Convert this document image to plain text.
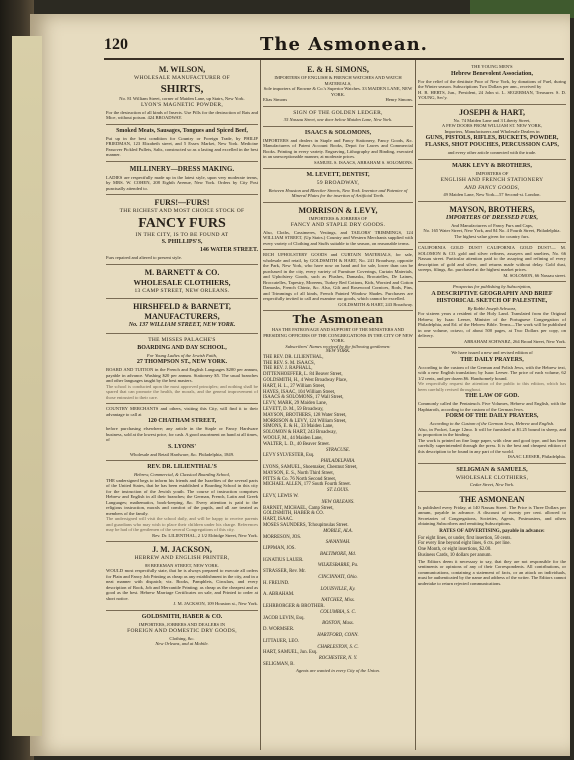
120	The Asmonean.

M. WILSON,

WHOLESALE MANUFACTURER OF

SHIRTS,

No. 81 William Street, corner of Maiden Lane, up Stairs, New York.

LYON'S MAGNETIC POWDER,

For the destruction of all kinds of Insects. Use Pills for the destruction of Rats and Mice, without poison. 424 BROADWAY.

Smoked Meats, Sausages, Tongues and Spiced Beef,

Put up in the best condition for Country or Foreign Trade, by PHILIP FRIEDMAN, 123 Elizabeth street, and 5 Essex Market, New York. Medicine Passover Pickled Pullets, Salts, constructed so as a lasting and excelled in the best manner.

MILLINERY—DRESS MAKING.

LADIES are respectfully made up in the latest style, upon very moderate terms, by MRS. W. COHEN, 208 Eighth Avenue, New York. Orders by City Post punctually attended to.

FURS!—FURS!

THE RICHEST AND MOST CHOICE STOCK OF

FANCY FURS

IN THE CITY, IS TO BE FOUND AT

S. PHILLIPS'S,

146 WATER STREET.

Furs repaired and altered to present style.

M. BARNETT & CO.

WHOLESALE CLOTHIERS,

13 CAMP STREET, NEW ORLEANS.

HIRSHFELD & BARNETT,

MANUFACTURERS,

No. 137 WILLIAM STREET, NEW YORK.

THE MISSES PALACHE'S

BOARDING AND DAY SCHOOL,

For Young Ladies of the Jewish Faith,

27 THOMPSON ST., NEW YORK.

BOARD AND TUITION in the French and English Languages $200 per annum, payable in advance. Washing $20 per annum. Stationery $5. The usual branches and other languages taught by the best masters.

The school is conducted upon the most approved principles; and nothing shall be spared that can promote the health, the morals, and the general improvement of those entrusted to their care.

COUNTRY MERCHANTS and others, visiting this City, will find it to their advantage to call at

120 CHATHAM STREET,

before purchasing elsewhere; any article in the Staple or Fancy Hardware business, sold at the lowest price, for cash. A good assortment on hand at all times, of

S. LYONS'

Wholesale and Retail Hardware, &c. Philadelphia, 1849.

REV. DR. LILIENTHAL'S

Hebrew, Commercial, & Classical Boarding School,

THE undersigned begs to inform his friends and the Israelites of the several parts of the United States, that he has been established a Boarding School in this city for the instruction of the Jewish youth. The course of instruction comprises Hebrew and English in all their branches; the German, French, Latin and Greek Languages; mathematics, book-keeping, &c. Every attention is paid to the religious instruction, morals and comfort of the pupils, and all are treated as members of the family.

The undersigned will visit the school daily, and will be happy to receive parents and guardians who may wish to place their children under his charge. References may be had of the gentlemen of the several Congregations of this city.

Rev. Dr. LILIENTHAL, 2 1/2 Eldridge Street, New York.

J. M. JACKSON,

HEBREW AND ENGLISH PRINTER,

88 BEEKMAN STREET, NEW YORK.

WOULD most respectfully state, that he is always prepared to execute all orders for Plain and Fancy Job Printing as cheap as any establishment in the city, and in a neat manner with dispatch; viz. Books, Pamphlets, Circulars, and every description of Book, Job and Mercantile Printing; as cheap as the cheapest and as good as the best. Hebrew Marriage Certificates on sale, and Printed to order at short notice.

J. M. JACKSON, 109 Houston st., New York.

GOLDSMITH, HABER & CO.

IMPORTERS, JOBBERS AND DEALERS IN

FOREIGN AND DOMESTIC DRY GOODS,

Clothing, &c.

New Orleans, and at Mobile.

E. & H. SIMONS,

IMPORTERS OF ENGLISH & FRENCH WATCHES AND WATCH MATERIALS,

Sole importers of Browne & Co.'s Superior Watches. 33 MAIDEN LANE, NEW YORK.

Elias Simons	Henry Simons.

SIGN OF THE GOLDEN LEDGER,

35 Nassau Street, one door below Maiden Lane, New York.

ISAACS & SOLOMONS,

IMPORTERS and dealers in Staple and Fancy Stationery, Fancy Goods, &c. Manufacturers of Patent Account Books, Depot for Lawes and Commercial Books. Printing in every variety. Engraving, Lithography and Binding, executed in an unexceptionable manner, at moderate prices.

SAMUEL S. ISAACS, ABRAHAM S. SOLOMONS.

M. LEVETT, DENTIST,

59 BROADWAY,

Between Houston and Bleecker Streets, New York. Inventor and Patentee of Mineral Plates for the insertion of Artificial Teeth.

MORRISON & LEVY,

IMPORTERS & JOBBERS OF

FANCY AND STAPLE DRY GOODS.

Also, Cloths, Cassimeres, Vestings, and TAILORS' TRIMMINGS, 124 WILLIAM STREET, (Up Stairs.) Country and Western Merchants supplied with every variety of Clothing and Stuffs suitable to the season, on reasonable terms.

RICH UPHOLSTERY GOODS and CURTAIN MATERIALS, for sale, wholesale and retail, by GOLDSMITH & HART, No. 241 Broadway, opposite the Park, New York, who have now on hand and for sale, lower than can be purchased in the city, every variety of Furniture Coverings, Curtain Materials, and Upholstery Goods, such as Plushes, Damasks, Brocatelles, De Laines, Broccatelles, Tapestry, Moreens, Turkey Red Cottons, Kids, Worsted and Cotton Damasks, French Chintz, &c. Also, Gilt and Rosewood Cornices, Rods, Pins, and Trimmings of all kinds, French Painted Window Shades. Purchasers are respectfully invited to call and examine our goods, which cannot be excelled.

GOLDSMITH & HART, 243 Broadway.

The Asmonean

HAS THE PATRONAGE AND SUPPORT OF THE MINISTERS AND PRESIDING OFFICERS OF THE CONGREGATIONS IN THE CITY OF NEW YORK.

Subscribers' Names received by the following gentlemen:

NEW YORK.

THE REV. DR. LILIENTHAL,

THE REV. S. M. ISAACS,

THE REV. J. RAPHALL,

DITTENHOEFFER, L. 84 Beaver Street,

GOLDSMITH, H., 4 West Broadway Place,

HART, H. L., 27 William Street,

HAYES, ISAAC, 104 William Street,

ISAACS & SOLOMONS, 17 Wall Street,

LEVY, MARK, 29 Maiden Lane,

LEVETT, D. M., 59 Broadway,

MAYSON, BROTHERS, 128 Water Street,

MORRISON & LEVY, 124 William Street,

SIMONS, E. & H., 33 Maiden Lane,

SOLOMON & HART, 243 Broadway,

WOOLF, M., 44 Maiden Lane,

WALTER, L. D., 40 Beaver Street.

SYRACUSE.

LEVY SYLVESTER, Esq.

PHILADELPHIA.

LYONS, SAMUEL, Shoemaker, Chestnut Street,

MAYSON, E. S., North Third Street,

PITTS & Co. 76 North Second Street,

MICHAEL ALLEN, 177 South Fourth Street.

ST. LOUIS.

LEVY, LEWIS W.

NEW ORLEANS.

BARNET, MICHAEL, Camp Street,

GOLDSMITH, HABER & CO.

HART, ISAAC.

MOSES SAUNDERS, Tchoupitoulas Street.

MOBILE, ALA.

MORRESON, JOS.

SAVANNAH.

LIPPMAN, JOS.

BALTIMORE, Md.

IGNATIUS LAUER.

WILKESBARRE, Pa.

STRASSER, Rev. Mr.

CINCINNATI, Ohio.

H. FREUND.

LOUISVILLE, Ky.

A. ABRAHAM.

NATCHEZ, Miss.

LEHRBORGER & BROTHER.

COLUMBIA, S. C.

JACOB LEVIN, Esq.

BOSTON, Mass.

D. WORMSER.

HARTFORD, CONN.

LITTAUER, LEO.

CHARLESTON, S. C.

HART, SAMUEL, Jun. Esq.

ROCHESTER, N. Y.

SELIGMAN, B.

Agents are wanted in every City of the Union.

THE YOUNG MEN'S

Hebrew Benevolent Association,

For the relief of the destitute Poor of New York, by donations of Fuel, during the Winter season. Subscriptions Two Dollars per ann., received by

H. B. HERTS, Jun., President, 24 John st. L. SEGERMAN, Treasurer. S. D. YOUNG, Sec'y.

JOSEPH & HART,

No. 74 Maiden Lane and 3 Liberty Street,

A FEW DOORS FROM WILLIAM ST. NEW YORK,

Importers, Manufacturers and Wholesale Dealers in

GUNS, PISTOLS, RIFLES, BUCKETS, POWDER, FLASKS, SHOT POUCHES, PERCUSSION CAPS,

and every other article connected with the trade.

MARK LEVY & BROTHERS,

IMPORTERS OF

ENGLISH AND FRENCH STATIONERY

AND FANCY GOODS,

49 Maiden Lane, New York—57 Second-st. London.

MAYSON, BROTHERS,

IMPORTERS OF DRESSED FURS,

And Manufacturers of Fancy Furs and Caps,

No. 165 Water Street, New York, and 84 No. 4 Fourth Street, Philadelphia.

The highest value given for country furs.

CALIFORNIA GOLD DUST! CALIFORNIA GOLD DUST!— M. SOLOMON & CO. gold and silver refiners, assayers and smelters, No. 66 Nassau street. Particular attention paid to the assaying and refining of every description of gold and silver, and returns made without delay. Gold dust, sweeps, filings, &c. purchased at the highest market prices.

M. SOLOMON, 66 Nassau street.

Prospectus for publishing by Subscription,

A DESCRIPTIVE GEOGRAPHY AND BRIEF HISTORICAL SKETCH OF PALESTINE,

By Rabbi Joseph Schwarz,

For sixteen years a resident of the Holy Land. Translated from the Original Hebrew, by Isaac Leeser, Minister of the Portuguese Congregation of Philadelphia, and Ed. of the Hebrew Bible. Terms—The work will be published in one volume, octavo, of about 500 pages, at Two Dollars per copy, on delivery.

ABRAHAM SCHWARZ, 264 Broad Street, New York.

We have issued a new and revised edition of

THE DAILY PRAYERS,

According to the custom of the German and Polish Jews, with the Hebrew text, with a new English translation; by Isaac Leeser. The price of each volume, 62 1/2 cents, and per dozen $6. Handsomely bound.

We respectfully request the attention of the public to this edition, which has been carefully revised throughout.

THE LAW OF GOD.

Commonly called the Pentateuch. Five Volumes, Hebrew and English, with the Haphtaroth, according to the custom of the German Jews.

FORM OF THE DAILY PRAYERS,

According to the Custom of the German Jews, Hebrew and English.

Also, in Pocket, Large 12mo. It will be furnished at $1.25 bound in sheep, and in proportion in the binding.

The work is printed on fine large paper, with clear and good type, and has been carefully superintended through the press. It is the best and cheapest edition of this description to be found in any part of the world.

ISAAC LEESER, Philadelphia.

SELIGMAN & SAMUELS,

WHOLESALE CLOTHIERS,

Cedar Street, New York.

THE ASMONEAN

Is published every Friday, at 140 Nassau Street. The Price is Three Dollars per annum, payable in advance. A discount of twenty per cent. allowed to Secretaries of Congregations, Societies, Agents, Postmasters, and others obtaining Subscribers and remitting Subscriptions.

RATES OF ADVERTISING, payable in advance:

For eight lines, or under, first insertion, 50 cents.

For every line beyond eight lines, 6 cts. per line.

One Month, or eight insertions, $2.00.

Business Cards, 10 dollars per annum.

The Editors deem it necessary to say, that they are not responsible for the sentiments or opinions of any of their Correspondents. All contributions, or communications, containing a statement of facts, or an attack on individuals, must be authenticated by the name and address of the writer. The Editors cannot undertake to return rejected communications.
